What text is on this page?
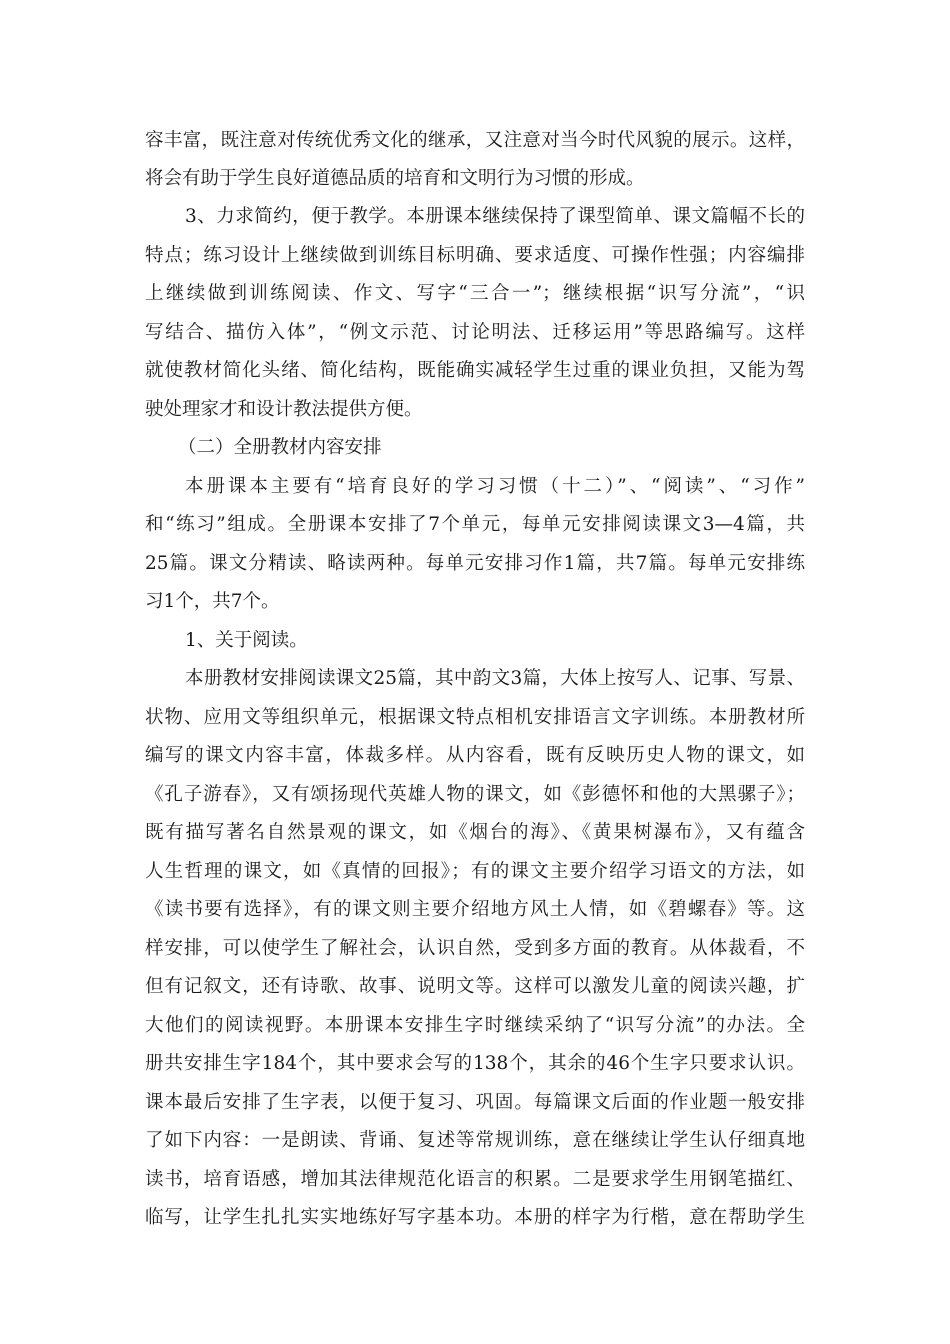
容丰富，既注意对传统优秀文化的继承，又注意对当今时代风貌的展示。这样，
将会有助于学生良好道德品质的培育和文明行为习惯的形成。
3、力求简约，便于教学。本册课本继续保持了课型简单、课文篇幅不长的
特点；练习设计上继续做到训练目标明确、要求适度、可操作性强；内容编排
上继续做到训练阅读、作文、写字“三合一”；继续根据“识写分流”，“识
写结合、描仿入体”，“例文示范、讨论明法、迁移运用”等思路编写。这样
就使教材简化头绪、简化结构，既能确实减轻学生过重的课业负担，又能为驾
驶处理家才和设计教法提供方便。
（二）全册教材内容安排
本册课本主要有“培育良好的学习习惯（十二）”、“阅读”、“习作”
和“练习”组成。全册课本安排了7个单元，每单元安排阅读课文3—4篇，共
25篇。课文分精读、略读两种。每单元安排习作1篇，共7篇。每单元安排练
习1个，共7个。
1、关于阅读。
本册教材安排阅读课文25篇，其中韵文3篇，大体上按写人、记事、写景、
状物、应用文等组织单元，根据课文特点相机安排语言文字训练。本册教材所
编写的课文内容丰富，体裁多样。从内容看，既有反映历史人物的课文，如
《孔子游春》，又有颂扬现代英雄人物的课文，如《彭德怀和他的大黑骡子》；
既有描写著名自然景观的课文，如《烟台的海》、《黄果树瀑布》，又有蕴含
人生哲理的课文，如《真情的回报》；有的课文主要介绍学习语文的方法，如
《读书要有选择》，有的课文则主要介绍地方风土人情，如《碧螺春》等。这
样安排，可以使学生了解社会，认识自然，受到多方面的教育。从体裁看，不
但有记叙文，还有诗歌、故事、说明文等。这样可以激发儿童的阅读兴趣，扩
大他们的阅读视野。本册课本安排生字时继续采纳了“识写分流”的办法。全
册共安排生字184个，其中要求会写的138个，其余的46个生字只要求认识。
课本最后安排了生字表，以便于复习、巩固。每篇课文后面的作业题一般安排
了如下内容：一是朗读、背诵、复述等常规训练，意在继续让学生认仔细真地
读书，培育语感，增加其法律规范化语言的积累。二是要求学生用钢笔描红、
临写，让学生扎扎实实地练好写字基本功。本册的样字为行楷，意在帮助学生
